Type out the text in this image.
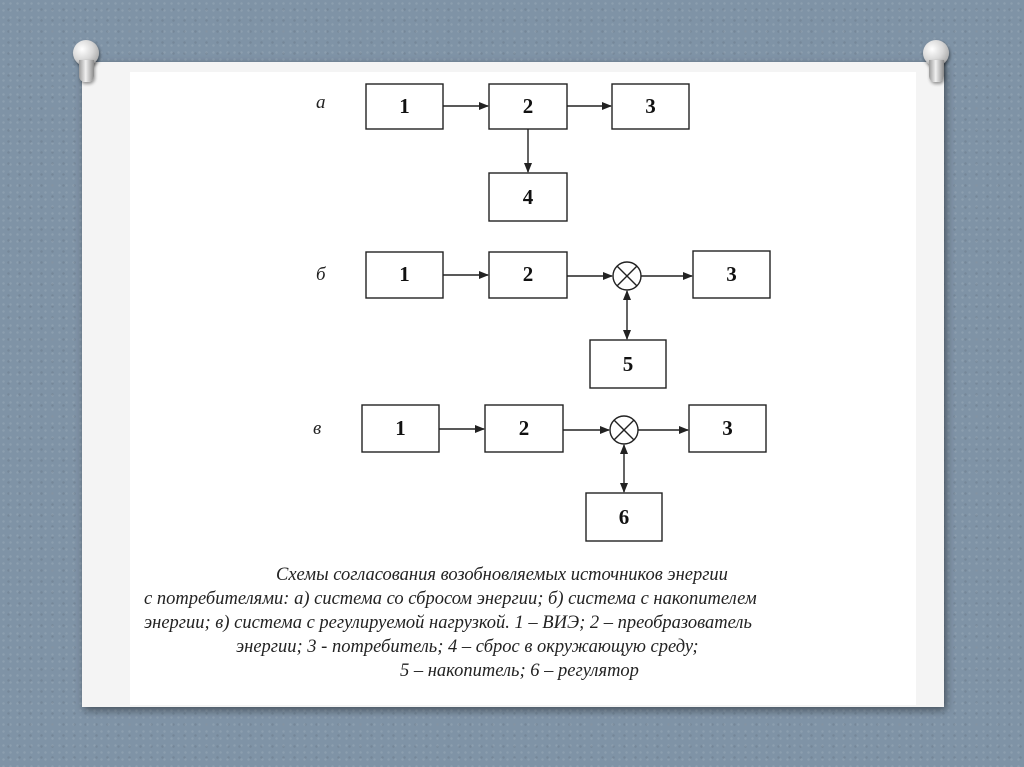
а	1	2	3
4
б	1	2	3
5
в	1	2	3
6
Схемы согласования возобновляемых источников энергии
с потребителями: а) система со сбросом энергии; б) система с накопителем
энергии; в) система с регулируемой нагрузкой. 1 – ВИЭ; 2 – преобразователь
энергии; 3 - потребитель; 4 – сброс в окружающую среду;
5 – накопитель; 6 – регулятор
